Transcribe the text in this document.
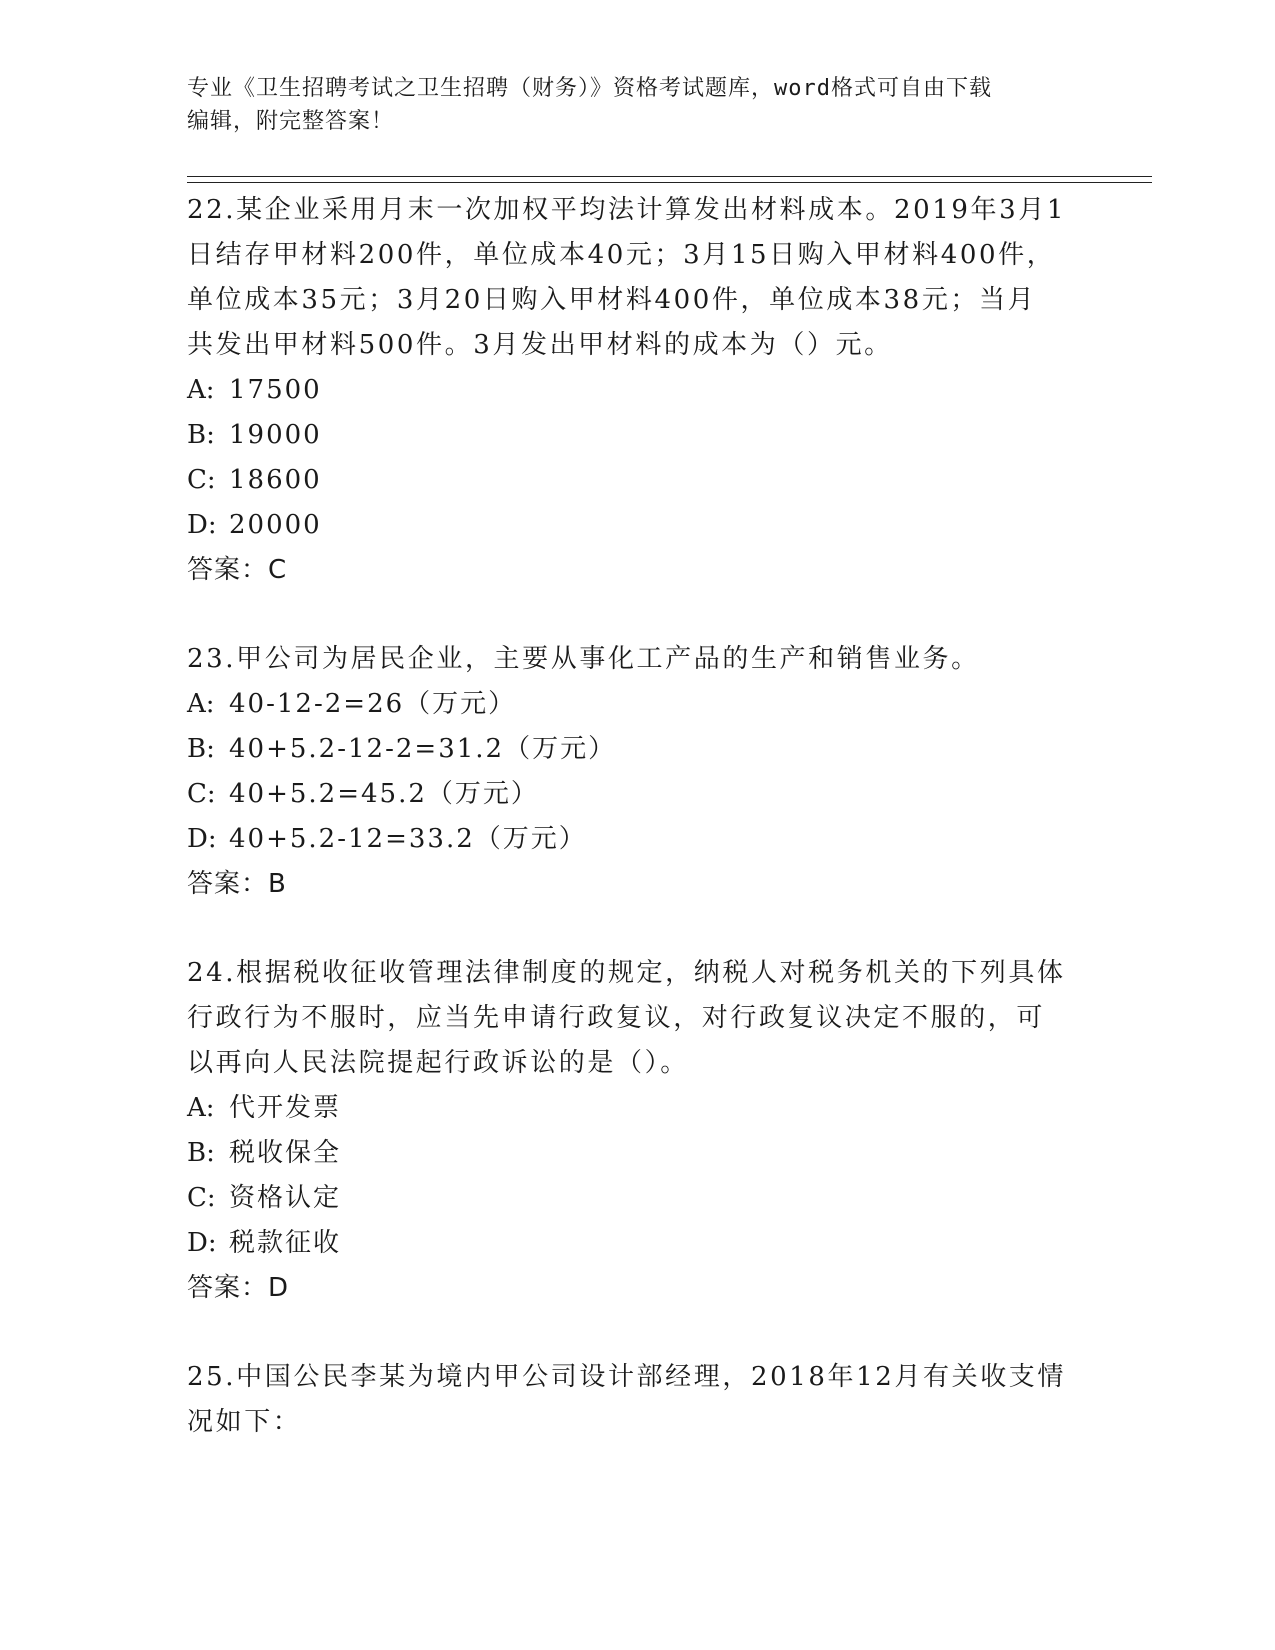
专业《卫生招聘考试之卫生招聘（财务）》资格考试题库，word格式可自由下载
编辑，附完整答案！
22.某企业采用月末一次加权平均法计算发出材料成本。2019年3月1
日结存甲材料200件，单位成本40元；3月15日购入甲材料400件，
单位成本35元；3月20日购入甲材料400件，单位成本38元；当月
共发出甲材料500件。3月发出甲材料的成本为（）元。
A: 17500
B: 19000
C: 18600
D: 20000
答案：C
23.甲公司为居民企业，主要从事化工产品的生产和销售业务。
A: 40-12-2=26（万元）
B: 40+5.2-12-2=31.2（万元）
C: 40+5.2=45.2（万元）
D: 40+5.2-12=33.2（万元）
答案：B
24.根据税收征收管理法律制度的规定，纳税人对税务机关的下列具体
行政行为不服时，应当先申请行政复议，对行政复议决定不服的，可
以再向人民法院提起行政诉讼的是（）。
A: 代开发票
B: 税收保全
C: 资格认定
D: 税款征收
答案：D
25.中国公民李某为境内甲公司设计部经理，2018年12月有关收支情
况如下：
